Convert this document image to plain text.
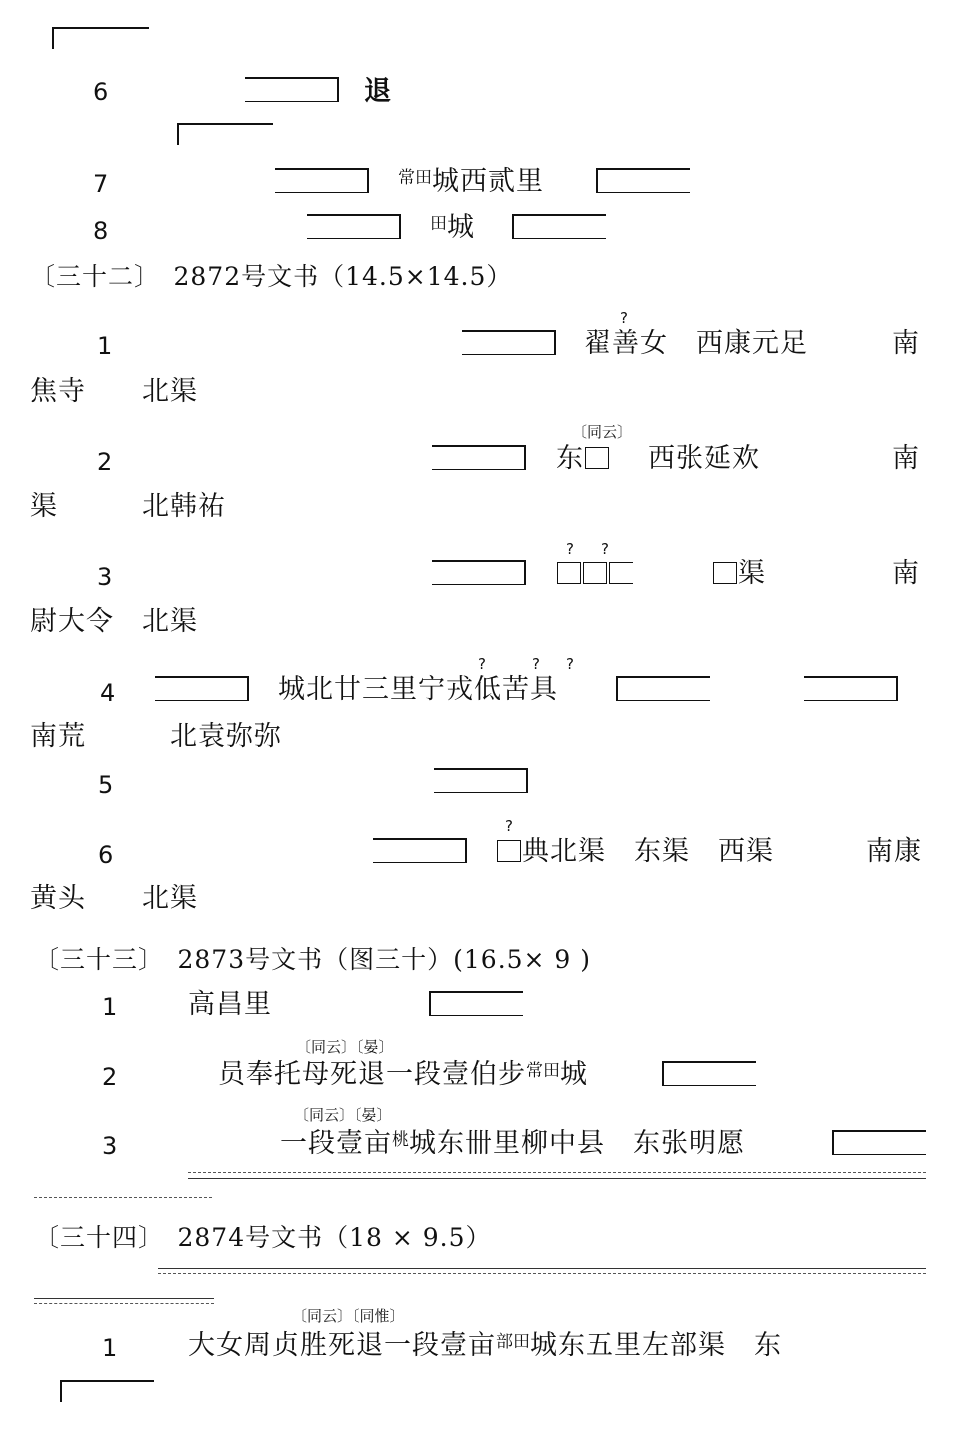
6	退
7	$^{常田}$城西贰里
8	$^田$城
〔三十二〕　2872号文书（14.5×14.5）
?
1	翟善女　西康元足	南
焦寺　　北渠
〔同云〕
2	东	西张延欢	南
渠　　　北韩祐
? ?
3	渠	南
尉大令　北渠
?	? ?
4	城北廿三里宁戎低苦具
南荒　　　北袁弥弥
5
?
6	典北渠　东渠　西渠	南康
黄头　　北渠
〔三十三〕　2873号文书（图三十）(16.5× 9 )
1	高昌里
〔同云〕〔晏〕
2	员奉托母死退一段壹伯步$^{常田}$城
〔同云〕〔晏〕
3	一段壹亩$^桃$城东卌里柳中县　东张明愿
〔三十四〕　2874号文书（18 × 9.5）
〔同云〕〔同惟〕
1	大女周贞胜死退一段壹亩$^{部田}$城东五里左部渠　东
